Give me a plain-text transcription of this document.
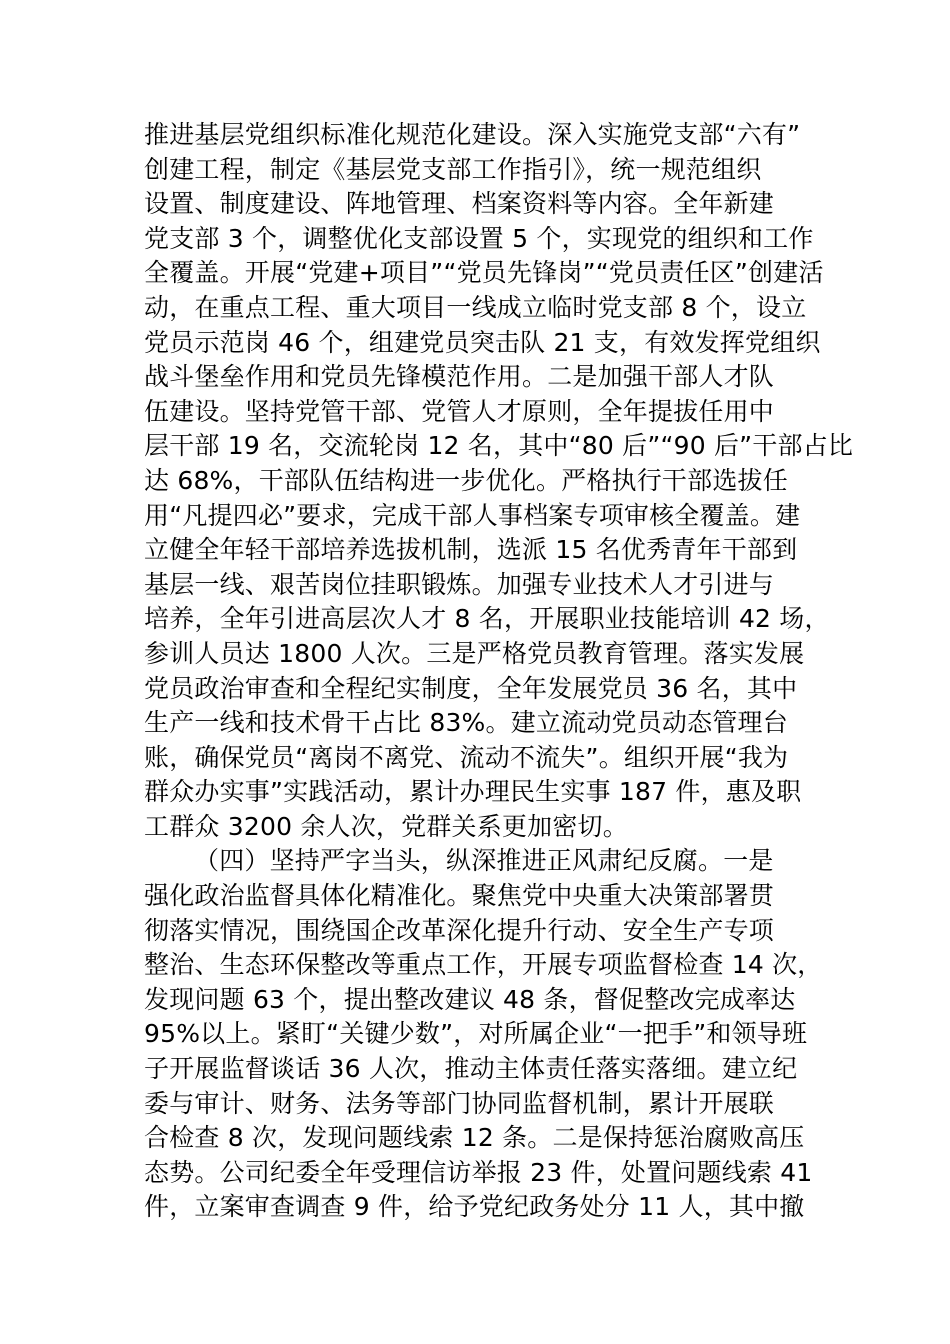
推进基层党组织标准化规范化建设。深入实施党支部“六有”
创建工程，制定《基层党支部工作指引》，统一规范组织
设置、制度建设、阵地管理、档案资料等内容。全年新建
党支部 3 个，调整优化支部设置 5 个，实现党的组织和工作
全覆盖。开展“党建+项目”“党员先锋岗”“党员责任区”创建活
动，在重点工程、重大项目一线成立临时党支部 8 个，设立
党员示范岗 46 个，组建党员突击队 21 支，有效发挥党组织
战斗堡垒作用和党员先锋模范作用。二是加强干部人才队
伍建设。坚持党管干部、党管人才原则，全年提拔任用中
层干部 19 名，交流轮岗 12 名，其中“80 后”“90 后”干部占比
达 68%，干部队伍结构进一步优化。严格执行干部选拔任
用“凡提四必”要求，完成干部人事档案专项审核全覆盖。建
立健全年轻干部培养选拔机制，选派 15 名优秀青年干部到
基层一线、艰苦岗位挂职锻炼。加强专业技术人才引进与
培养，全年引进高层次人才 8 名，开展职业技能培训 42 场，
参训人员达 1800 人次。三是严格党员教育管理。落实发展
党员政治审查和全程纪实制度，全年发展党员 36 名，其中
生产一线和技术骨干占比 83%。建立流动党员动态管理台
账，确保党员“离岗不离党、流动不流失”。组织开展“我为
群众办实事”实践活动，累计办理民生实事 187 件，惠及职
工群众 3200 余人次，党群关系更加密切。
（四）坚持严字当头，纵深推进正风肃纪反腐。一是
强化政治监督具体化精准化。聚焦党中央重大决策部署贯
彻落实情况，围绕国企改革深化提升行动、安全生产专项
整治、生态环保整改等重点工作，开展专项监督检查 14 次，
发现问题 63 个，提出整改建议 48 条，督促整改完成率达
95%以上。紧盯“关键少数”，对所属企业“一把手”和领导班
子开展监督谈话 36 人次，推动主体责任落实落细。建立纪
委与审计、财务、法务等部门协同监督机制，累计开展联
合检查 8 次，发现问题线索 12 条。二是保持惩治腐败高压
态势。公司纪委全年受理信访举报 23 件，处置问题线索 41
件，立案审查调查 9 件，给予党纪政务处分 11 人，其中撤
